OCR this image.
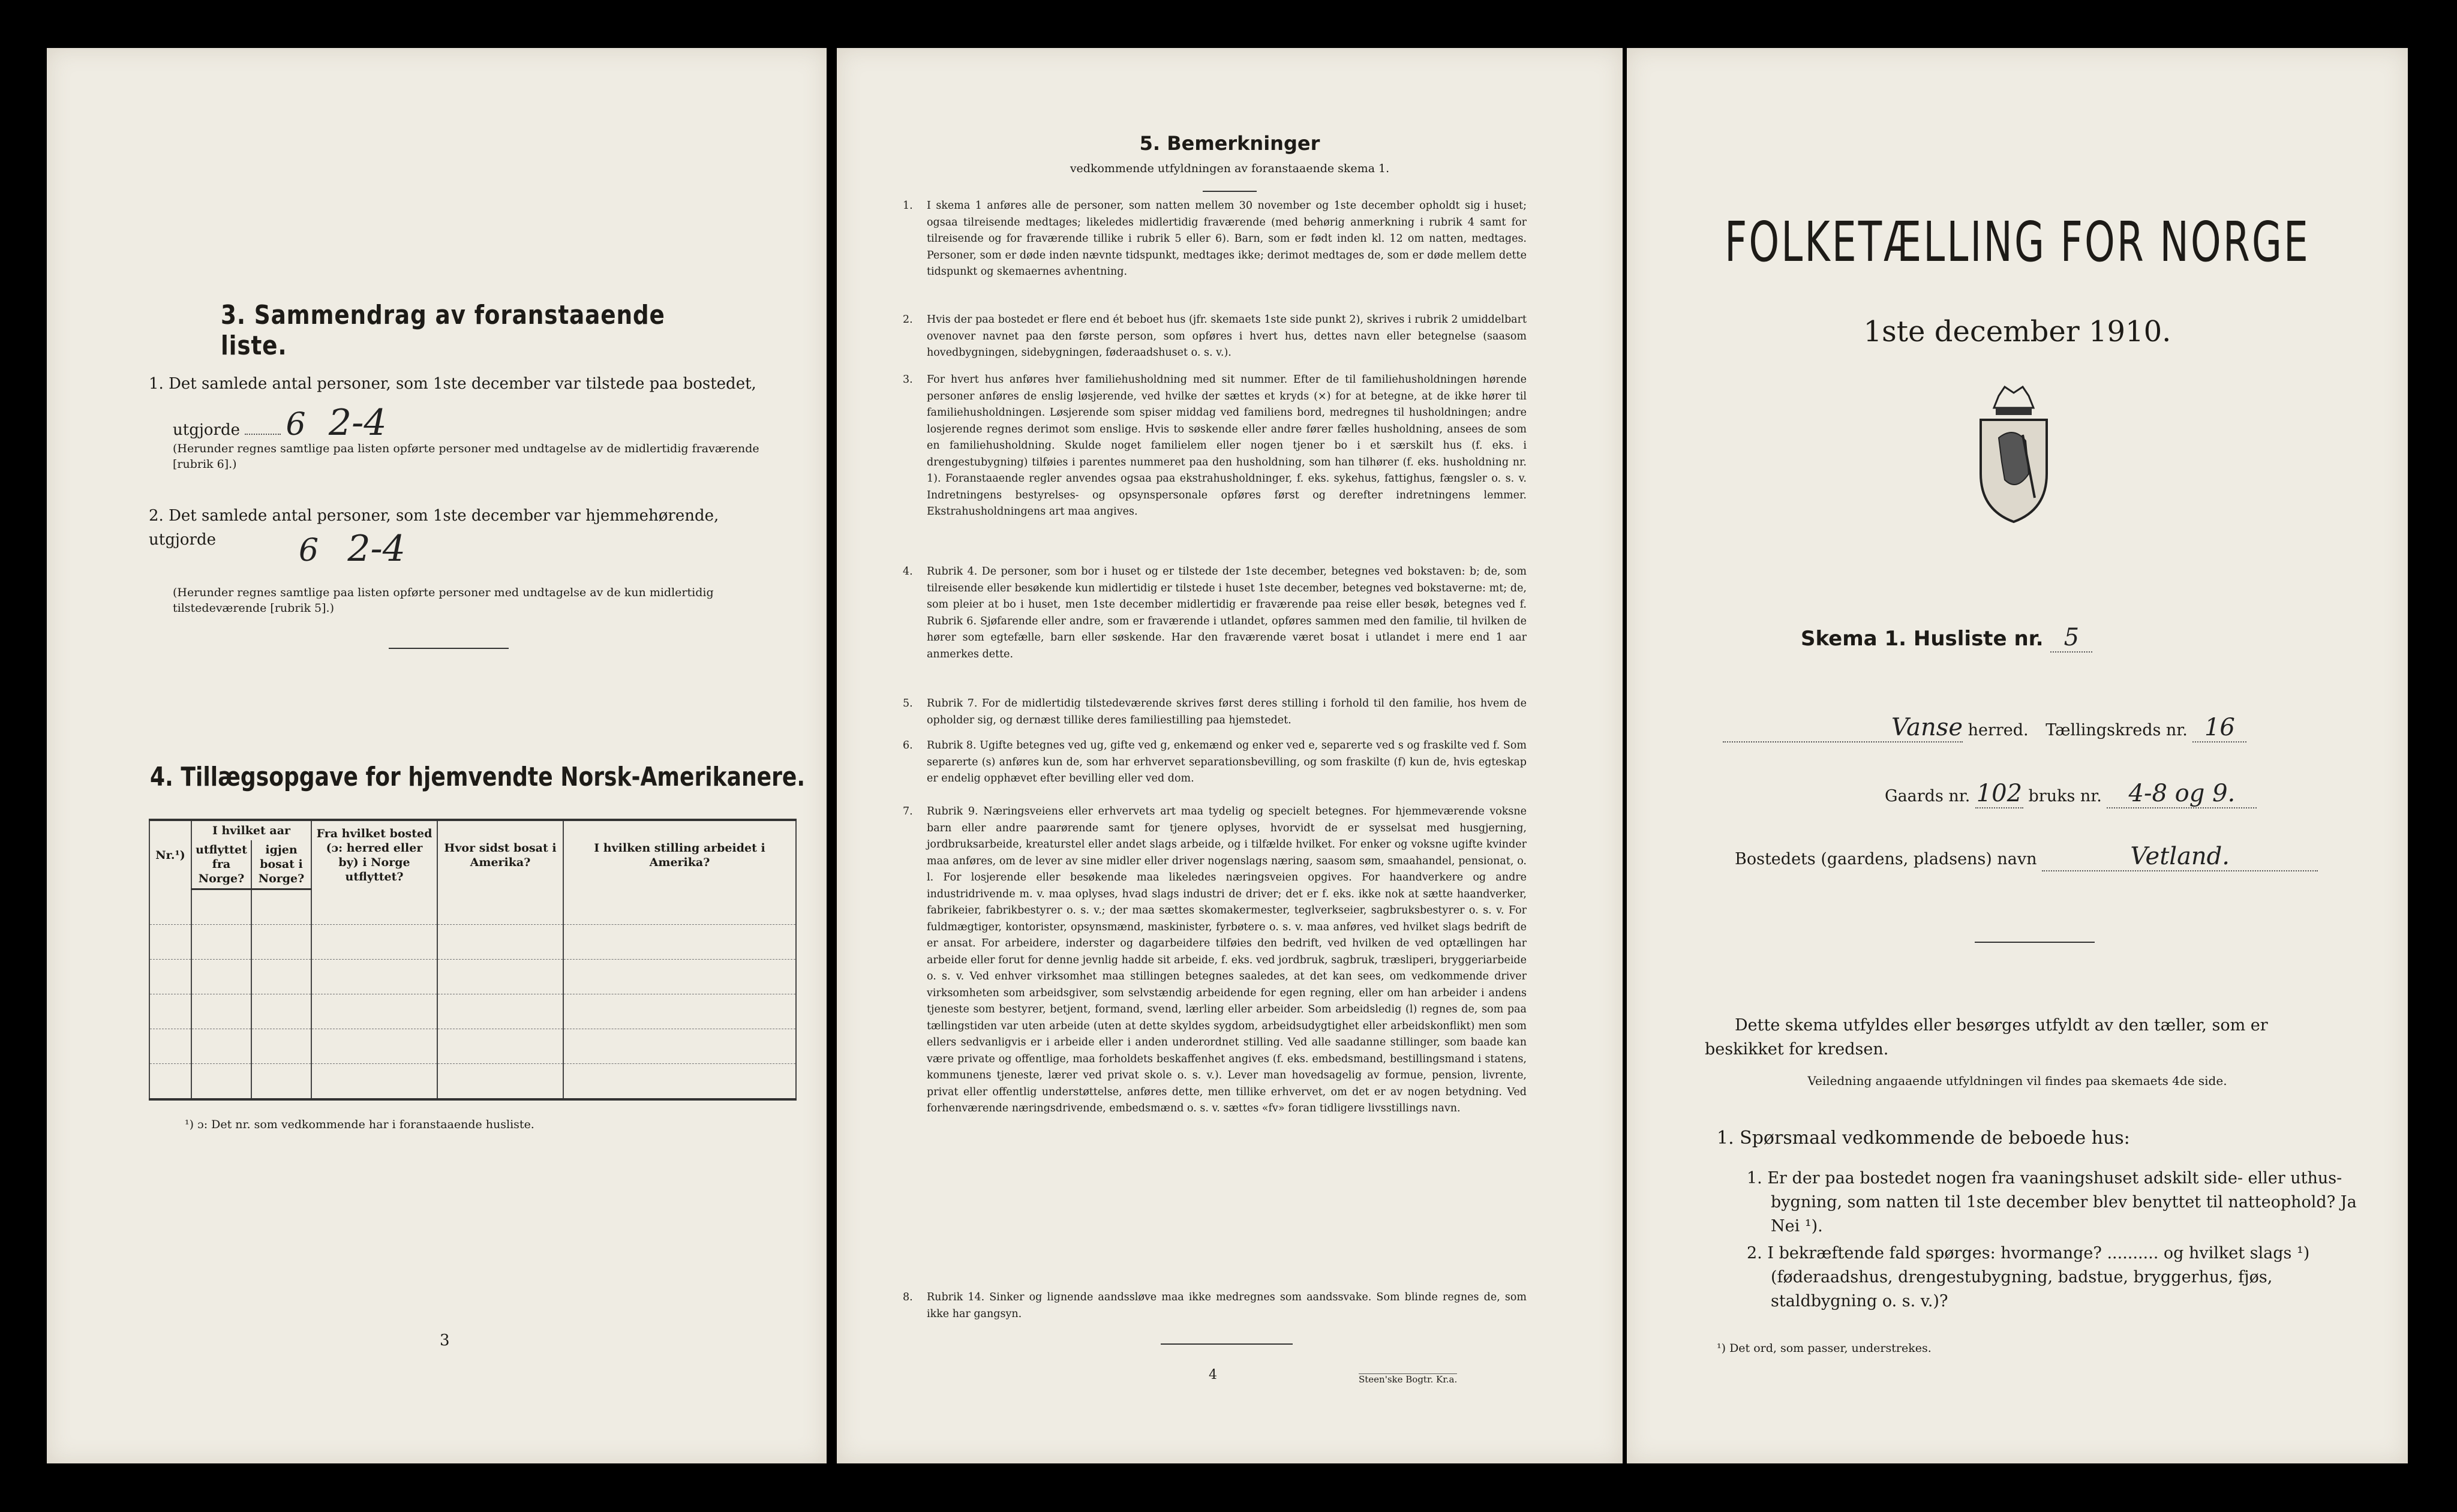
3. Sammendrag av foranstaaende liste.
1. Det samlede antal personer, som 1ste december var tilstede paa bostedet,
utgjorde 6 2-4
(Herunder regnes samtlige paa listen opførte personer med undtagelse av de midlertidig fraværende [rubrik 6].)
2. Det samlede antal personer, som 1ste december var hjemmehørende, utgjorde	6 2-4
(Herunder regnes samtlige paa listen opførte personer med undtagelse av de kun midlertidig tilstedeværende [rubrik 5].)
4. Tillægsopgave for hjemvendte Norsk-Amerikanere.
Nr.¹)	I hvilket aar		Fra hvilket bosted (ɔ: herred eller by) i Norge utflyttet?	Hvor sidst bosat i Amerika?	I hvilken stilling arbeidet i Amerika?
	utflyttet fra Norge?	igjen bosat i Norge?			

¹) ɔ: Det nr. som vedkommende har i foranstaaende husliste.
3
5. Bemerkninger
vedkommende utfyldningen av foranstaaende skema 1.
1. I skema 1 anføres alle de personer, som natten mellem 30 november og 1ste december opholdt sig i huset; ogsaa tilreisende medtages; likeledes midlertidig fraværende (med behørig anmerkning i rubrik 4 samt for tilreisende og for fraværende tillike i rubrik 5 eller 6). Barn, som er født inden kl. 12 om natten, medtages. Personer, som er døde inden nævnte tidspunkt, medtages ikke; derimot medtages de, som er døde mellem dette tidspunkt og skemaernes avhentning.
2. Hvis der paa bostedet er flere end ét beboet hus (jfr. skemaets 1ste side punkt 2), skrives i rubrik 2 umiddelbart ovenover navnet paa den første person, som opføres i hvert hus, dettes navn eller betegnelse (saasom hovedbygningen, sidebygningen, føderaadshuset o. s. v.).
3. For hvert hus anføres hver familiehusholdning med sit nummer. Efter de til familiehusholdningen hørende personer anføres de enslig løsjerende, ved hvilke der sættes et kryds (×) for at betegne, at de ikke hører til familiehusholdningen. Løsjerende som spiser middag ved familiens bord, medregnes til husholdningen; andre losjerende regnes derimot som enslige. Hvis to søskende eller andre fører fælles husholdning, ansees de som en familiehusholdning. Skulde noget familielem eller nogen tjener bo i et særskilt hus (f. eks. i drengestubygning) tilføies i parentes nummeret paa den husholdning, som han tilhører (f. eks. husholdning nr. 1). Foranstaaende regler anvendes ogsaa paa ekstrahusholdninger, f. eks. sykehus, fattighus, fængsler o. s. v. Indretningens bestyrelses- og opsynspersonale opføres først og derefter indretningens lemmer. Ekstrahusholdningens art maa angives.
4. Rubrik 4. De personer, som bor i huset og er tilstede der 1ste december, betegnes ved bokstaven: b; de, som tilreisende eller besøkende kun midlertidig er tilstede i huset 1ste december, betegnes ved bokstaverne: mt; de, som pleier at bo i huset, men 1ste december midlertidig er fraværende paa reise eller besøk, betegnes ved f. Rubrik 6. Sjøfarende eller andre, som er fraværende i utlandet, opføres sammen med den familie, til hvilken de hører som egtefælle, barn eller søskende. Har den fraværende været bosat i utlandet i mere end 1 aar anmerkes dette.
5. Rubrik 7. For de midlertidig tilstedeværende skrives først deres stilling i forhold til den familie, hos hvem de opholder sig, og dernæst tillike deres familiestilling paa hjemstedet.
6. Rubrik 8. Ugifte betegnes ved ug, gifte ved g, enkemænd og enker ved e, separerte ved s og fraskilte ved f. Som separerte (s) anføres kun de, som har erhvervet separationsbevilling, og som fraskilte (f) kun de, hvis egteskap er endelig opphævet efter bevilling eller ved dom.
7. Rubrik 9. Næringsveiens eller erhvervets art maa tydelig og specielt betegnes. For hjemmeværende voksne barn eller andre paarørende samt for tjenere oplyses, hvorvidt de er sysselsat med husgjerning, jordbruksarbeide, kreaturstel eller andet slags arbeide, og i tilfælde hvilket. For enker og voksne ugifte kvinder maa anføres, om de lever av sine midler eller driver nogenslags næring, saasom søm, smaahandel, pensionat, o. l. For losjerende eller besøkende maa likeledes næringsveien opgives. For haandverkere og andre industridrivende m. v. maa oplyses, hvad slags industri de driver; det er f. eks. ikke nok at sætte haandverker, fabrikeier, fabrikbestyrer o. s. v.; der maa sættes skomakermester, teglverkseier, sagbruksbestyrer o. s. v. For fuldmægtiger, kontorister, opsynsmænd, maskinister, fyrbøtere o. s. v. maa anføres, ved hvilket slags bedrift de er ansat. For arbeidere, inderster og dagarbeidere tilføies den bedrift, ved hvilken de ved optællingen har arbeide eller forut for denne jevnlig hadde sit arbeide, f. eks. ved jordbruk, sagbruk, træsliperi, bryggeriarbeide o. s. v. Ved enhver virksomhet maa stillingen betegnes saaledes, at det kan sees, om vedkommende driver virksomheten som arbeidsgiver, som selvstændig arbeidende for egen regning, eller om han arbeider i andens tjeneste som bestyrer, betjent, formand, svend, lærling eller arbeider. Som arbeidsledig (l) regnes de, som paa tællingstiden var uten arbeide (uten at dette skyldes sygdom, arbeidsudygtighet eller arbeidskonflikt) men som ellers sedvanligvis er i arbeide eller i anden underordnet stilling. Ved alle saadanne stillinger, som baade kan være private og offentlige, maa forholdets beskaffenhet angives (f. eks. embedsmand, bestillingsmand i statens, kommunens tjeneste, lærer ved privat skole o. s. v.). Lever man hovedsagelig av formue, pension, livrente, privat eller offentlig understøttelse, anføres dette, men tillike erhvervet, om det er av nogen betydning. Ved forhenværende næringsdrivende, embedsmænd o. s. v. sættes «fv» foran tidligere livsstillings navn.
8. Rubrik 14. Sinker og lignende aandssløve maa ikke medregnes som aandssvake. Som blinde regnes de, som ikke har gangsyn.
4	Steen'ske Bogtr. Kr.a.
FOLKETÆLLING FOR NORGE
1ste december 1910.
Skema 1. Husliste nr. 5
Vanse herred. Tællingskreds nr. 16
Gaards nr. 102 bruks nr. 4-8 og 9.
Bostedets (gaardens, pladsens) navn	Vetland.
Dette skema utfyldes eller besørges utfyldt av den tæller, som er beskikket for kredsen.
Veiledning angaaende utfyldningen vil findes paa skemaets 4de side.
1. Spørsmaal vedkommende de beboede hus:
1. Er der paa bostedet nogen fra vaaningshuset adskilt side- eller uthus-bygning, som natten til 1ste december blev benyttet til natteophold? Ja Nei ¹).
2. I bekræftende fald spørges: hvormange? .......... og hvilket slags ¹) (føderaadshus, drengestubygning, badstue, bryggerhus, fjøs, staldbygning o. s. v.)?
¹) Det ord, som passer, understrekes.
